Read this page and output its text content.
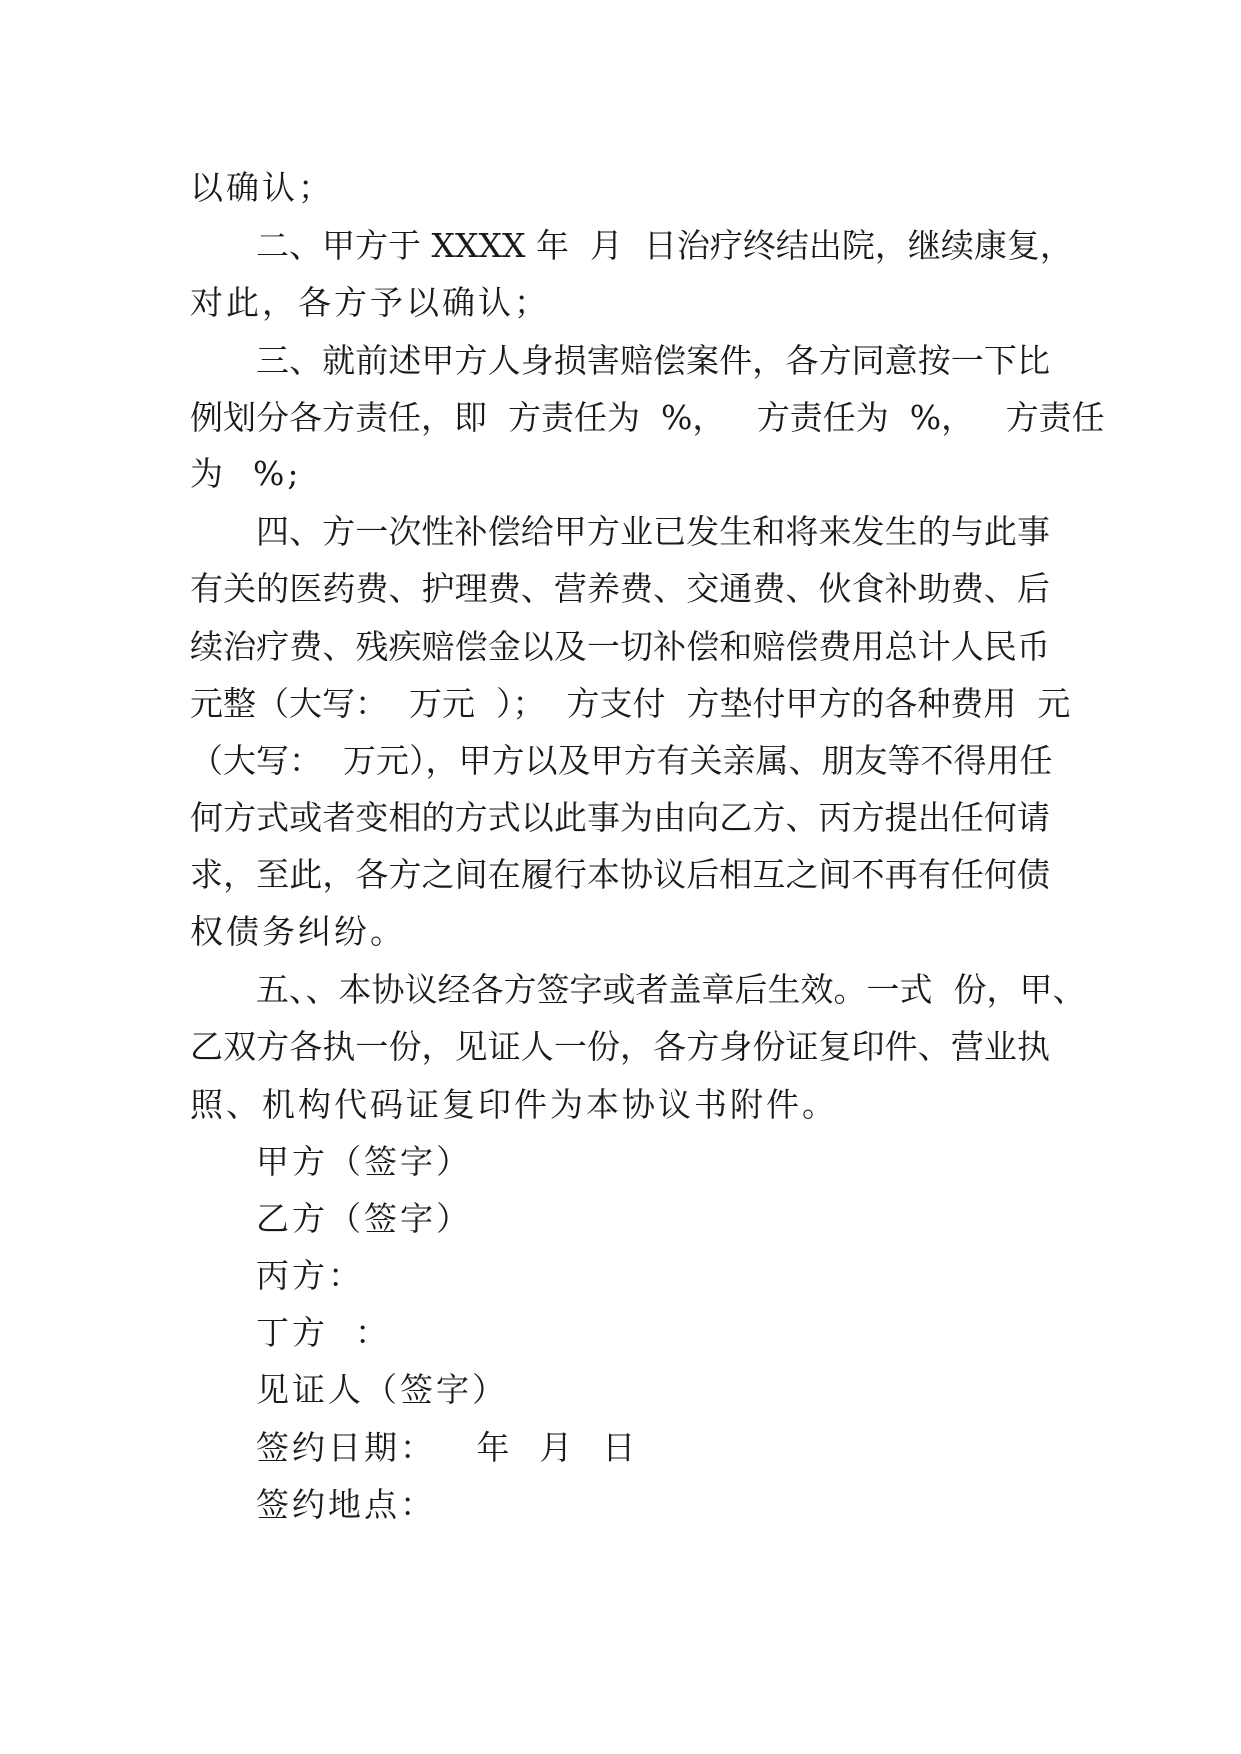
以确认；
二、甲方于 XXXX 年  月  日治疗终结出院，继续康复，
对此，各方予以确认；
三、就前述甲方人身损害赔偿案件，各方同意按一下比
例划分各方责任，即  方责任为  %，   方责任为  %，   方责任
为  %;
四、方一次性补偿给甲方业已发生和将来发生的与此事
有关的医药费、护理费、营养费、交通费、伙食补助费、后
续治疗费、残疾赔偿金以及一切补偿和赔偿费用总计人民币
元整（大写：  万元  ）；  方支付  方垫付甲方的各种费用  元
（大写：  万元），甲方以及甲方有关亲属、朋友等不得用任
何方式或者变相的方式以此事为由向乙方、丙方提出任何请
求，至此，各方之间在履行本协议后相互之间不再有任何债
权债务纠纷。
五、、本协议经各方签字或者盖章后生效。一式  份，甲、
乙双方各执一份，见证人一份，各方身份证复印件、营业执
照、机构代码证复印件为本协议书附件。
甲方（签字）
乙方（签字）
丙方：
丁方  ：
见证人（签字）
签约日期：   年  月  日
签约地点：
